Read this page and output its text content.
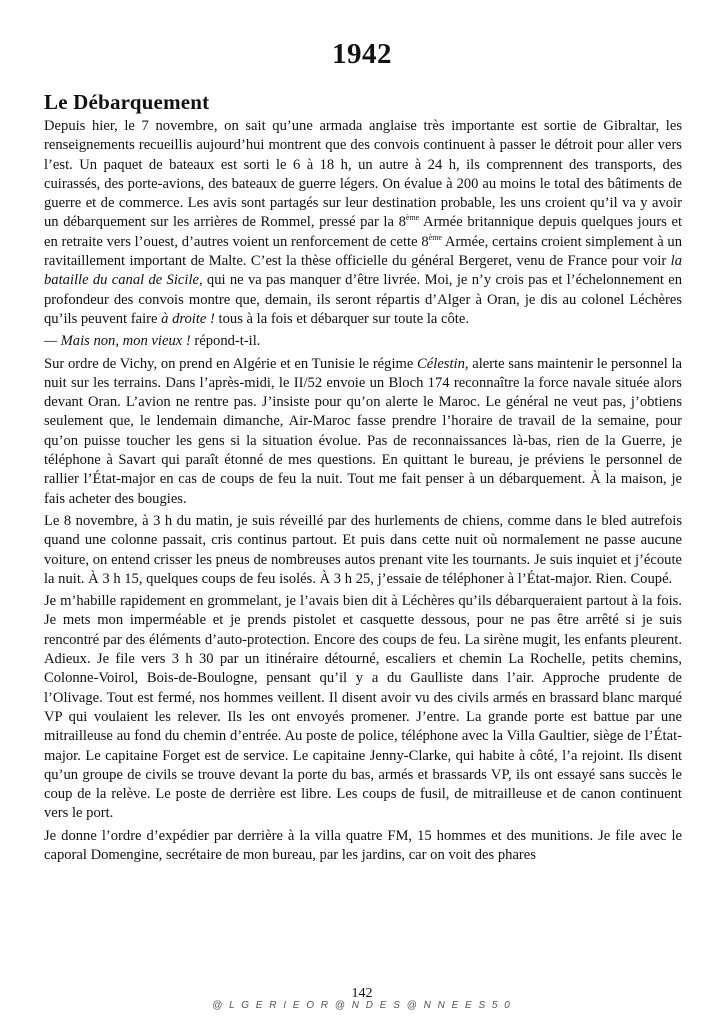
1942
Le Débarquement

Depuis hier, le 7 novembre, on sait qu’une armada anglaise très importante est sortie de Gibraltar, les renseignements recueillis aujourd’hui montrent que des convois continuent à passer le détroit pour aller vers l’est. Un paquet de bateaux est sorti le 6 à 18 h, un autre à 24 h, ils comprennent des transports, des cuirassés, des porte-avions, des bateaux de guerre légers. On évalue à 200 au moins le total des bâtiments de guerre et de commerce. Les avis sont partagés sur leur destination probable, les uns croient qu’il va y avoir un débarquement sur les arrières de Rommel, pressé par la 8ème Armée britannique depuis quelques jours et en retraite vers l’ouest, d’autres voient un renforcement de cette 8ème Armée, certains croient simplement à un ravitaillement important de Malte. C’est la thèse officielle du général Bergeret, venu de France pour voir la bataille du canal de Sicile, qui ne va pas manquer d’être livrée. Moi, je n’y crois pas et l’échelonnement en profondeur des convois montre que, demain, ils seront répartis d’Alger à Oran, je dis au colonel Léchères qu’ils peuvent faire à droite ! tous à la fois et débarquer sur toute la côte.

— Mais non, mon vieux ! répond-t-il.

Sur ordre de Vichy, on prend en Algérie et en Tunisie le régime Célestin, alerte sans maintenir le personnel la nuit sur les terrains. Dans l’après-midi, le II/52 envoie un Bloch 174 reconnaître la force navale située alors devant Oran. L’avion ne rentre pas. J’insiste pour qu’on alerte le Maroc. Le général ne veut pas, j’obtiens seulement que, le lendemain dimanche, Air-Maroc fasse prendre l’horaire de travail de la semaine, pour qu’on puisse toucher les gens si la situation évolue. Pas de reconnaissances là-bas, rien de la Guerre, je téléphone à Savart qui paraît étonné de mes questions. En quittant le bureau, je préviens le personnel de rallier l’État-major en cas de coups de feu la nuit. Tout me fait penser à un débarquement. À la maison, je fais acheter des bougies.

Le 8 novembre, à 3 h du matin, je suis réveillé par des hurlements de chiens, comme dans le bled autrefois quand une colonne passait, cris continus partout. Et puis dans cette nuit où normalement ne passe aucune voiture, on entend crisser les pneus de nombreuses autos prenant vite les tournants. Je suis inquiet et j’écoute la nuit. À 3 h 15, quelques coups de feu isolés. À 3 h 25, j’essaie de téléphoner à l’État-major. Rien. Coupé.

Je m’habille rapidement en grommelant, je l’avais bien dit à Léchères qu’ils débarqueraient partout à la fois. Je mets mon imperméable et je prends pistolet et casquette dessous, pour ne pas être arrêté si je suis rencontré par des éléments d’auto-protection. Encore des coups de feu. La sirène mugit, les enfants pleurent. Adieux. Je file vers 3 h 30 par un itinéraire détourné, escaliers et chemin La Rochelle, petits chemins, Colonne-Voirol, Bois-de-Boulogne, pensant qu’il y a du Gaulliste dans l’air. Approche prudente de l’Olivage. Tout est fermé, nos hommes veillent. Il disent avoir vu des civils armés en brassard blanc marqué VP qui voulaient les relever. Ils les ont envoyés promener. J’entre. La grande porte est battue par une mitrailleuse au fond du chemin d’entrée. Au poste de police, téléphone avec la Villa Gaultier, siège de l’État-major. Le capitaine Forget est de service. Le capitaine Jenny-Clarke, qui habite à côté, l’a rejoint. Ils disent qu’un groupe de civils se trouve devant la porte du bas, armés et brassards VP, ils ont essayé sans succès le coup de la relève. Le poste de derrière est libre. Les coups de fusil, de mitrailleuse et de canon continuent vers le port.

Je donne l’ordre d’expédier par derrière à la villa quatre FM, 15 hommes et des munitions. Je file avec le caporal Domengine, secrétaire de mon bureau, par les jardins, car on voit des phares

142
@ L G E R I E O R @ N D E S @ N N E E S 5 0
